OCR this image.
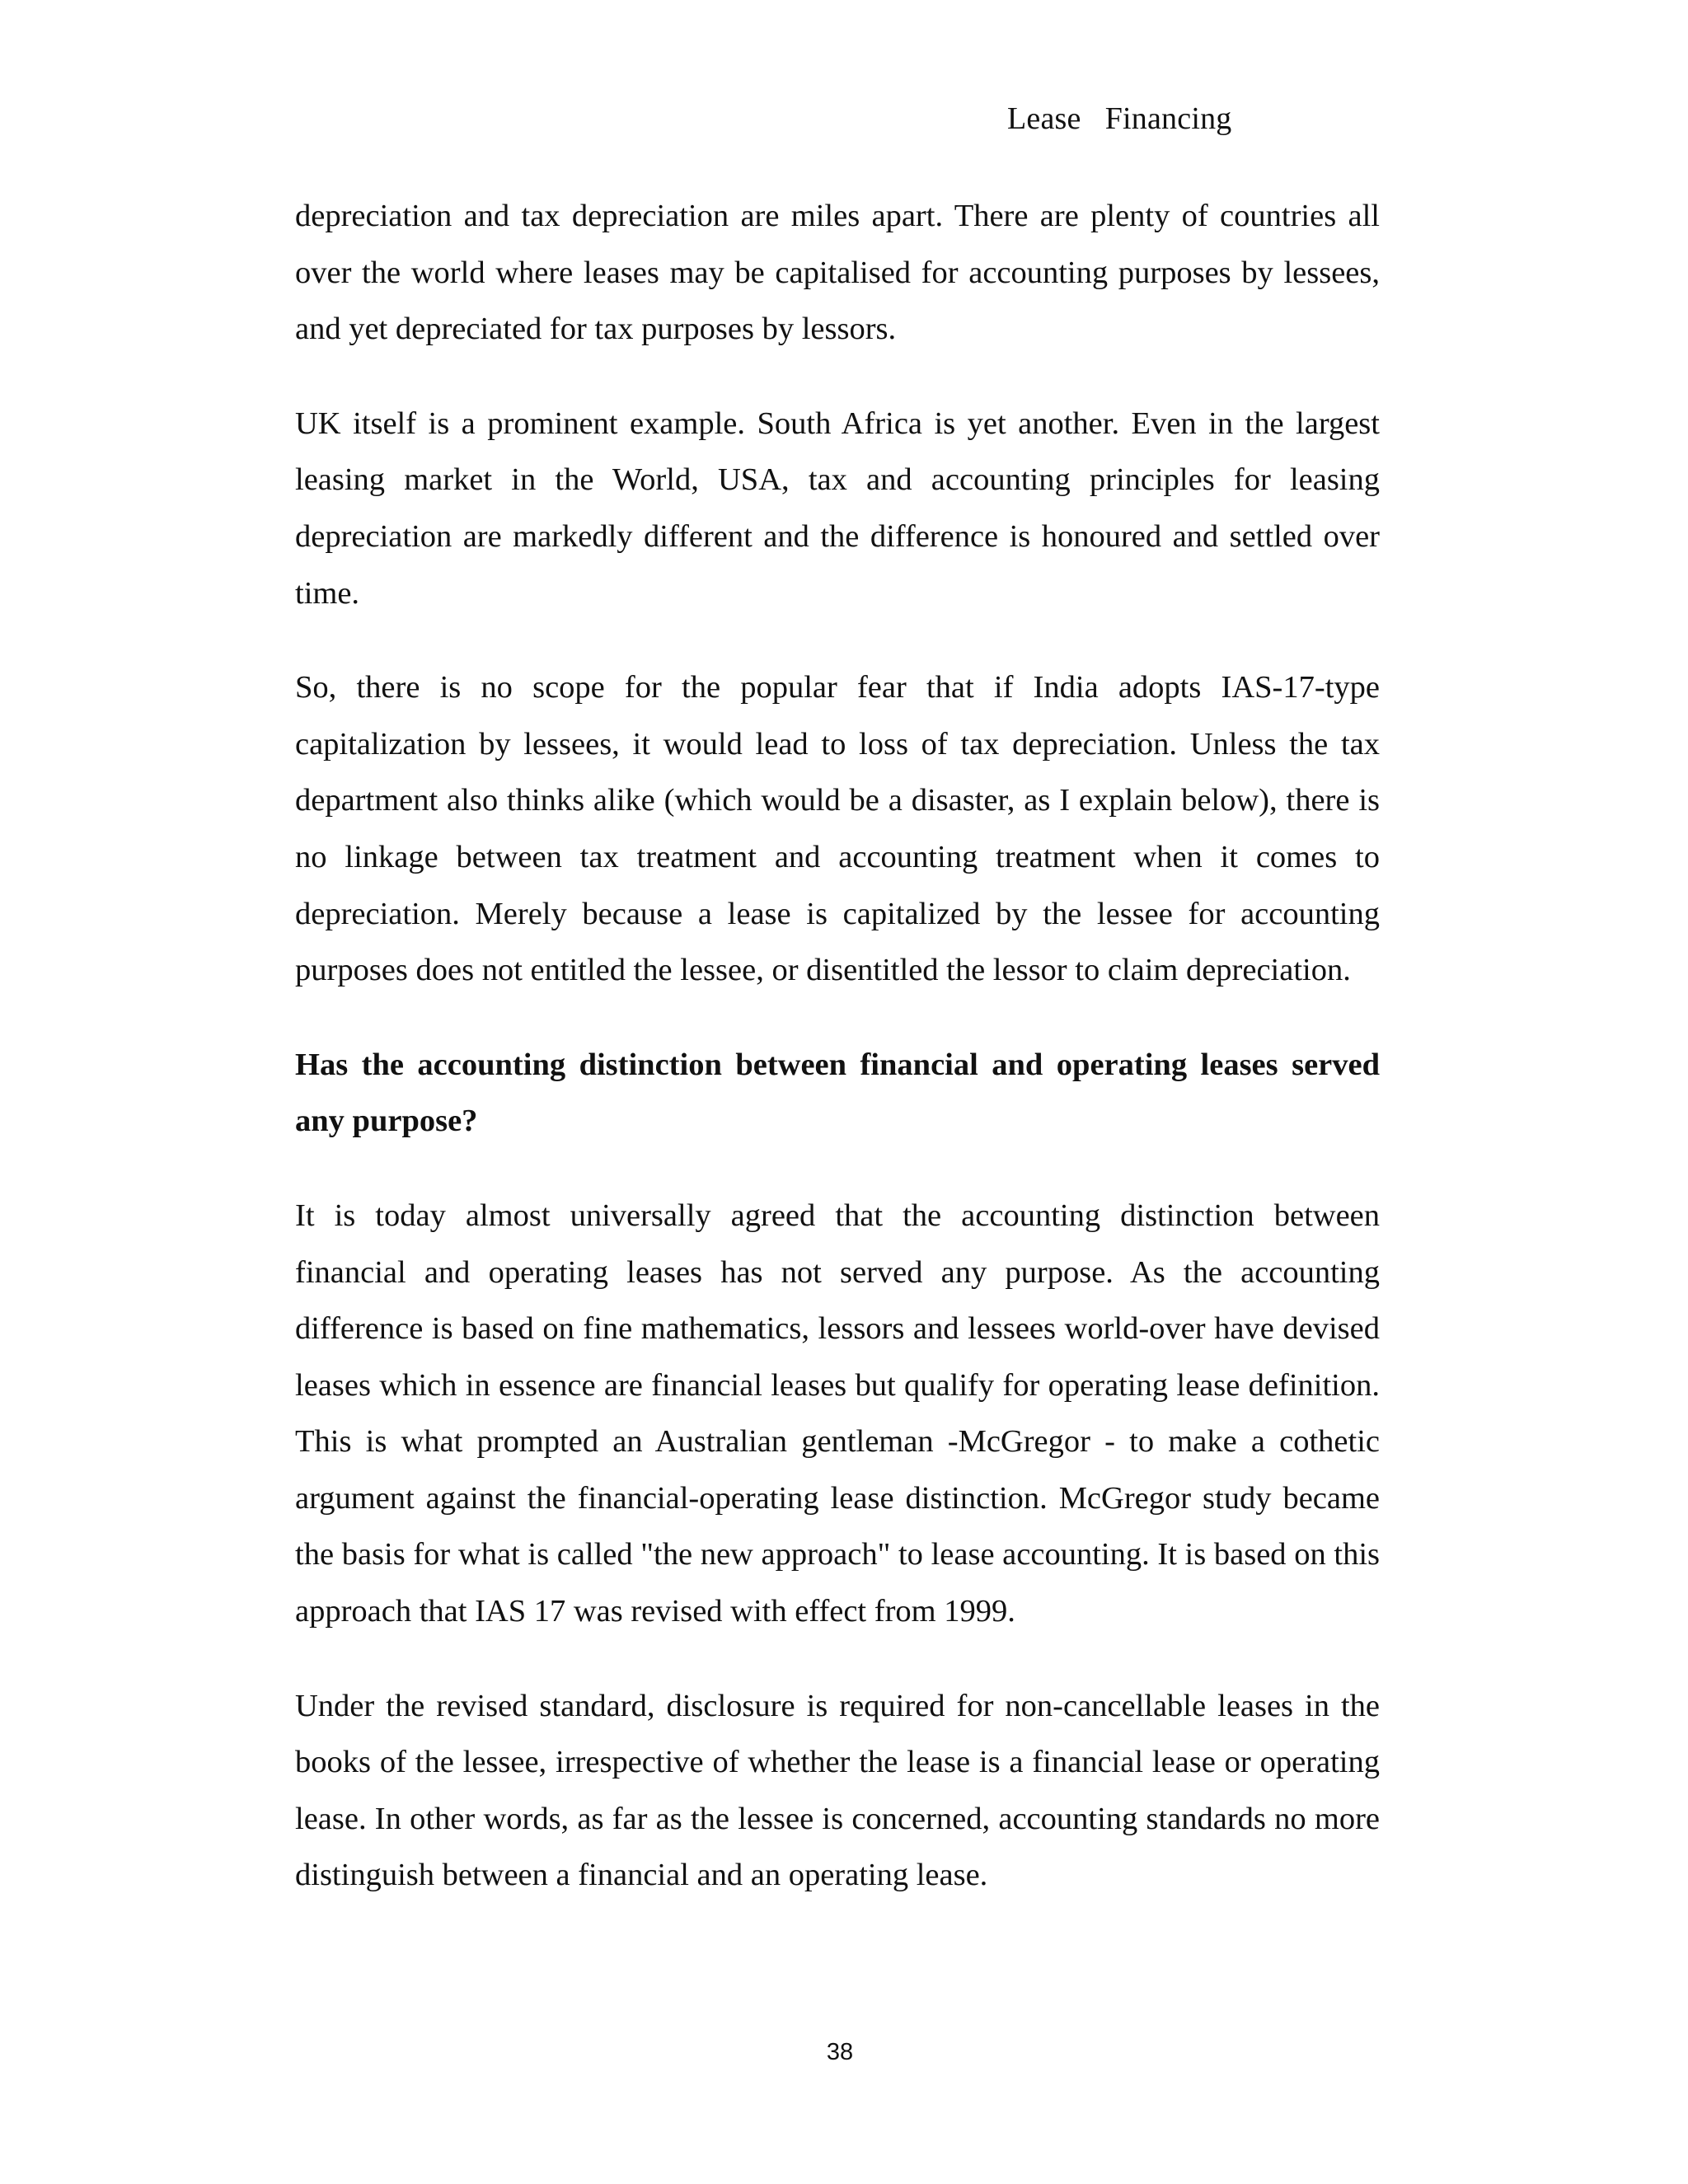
Lease   Financing

depreciation and tax depreciation are miles apart. There are plenty of countries all over the world where leases may be capitalised for accounting purposes by lessees, and yet depreciated for tax purposes by lessors.

UK itself is a prominent example. South Africa is yet another. Even in the largest leasing market in the World, USA, tax and accounting principles for leasing depreciation are markedly different and the difference is honoured and settled over time.

So, there is no scope for the popular fear that if India adopts IAS-17-type capitalization by lessees, it would lead to loss of tax depreciation. Unless the tax department also thinks alike (which would be a disaster, as I explain below), there is no linkage between tax treatment and accounting treatment when it comes to depreciation. Merely because a lease is capitalized by the lessee for accounting purposes does not entitled the lessee, or disentitled the lessor to claim depreciation.

Has the accounting distinction between financial and operating leases served any purpose?

It is today almost universally agreed that the accounting distinction between financial and operating leases has not served any purpose. As the accounting difference is based on fine mathematics, lessors and lessees world-over have devised leases which in essence are financial leases but qualify for operating lease definition. This is what prompted an Australian gentleman -McGregor - to make a cothetic argument against the financial-operating lease distinction. McGregor study became the basis for what is called "the new approach" to lease accounting. It is based on this approach that IAS 17 was revised with effect from 1999.

Under the revised standard, disclosure is required for non-cancellable leases in the books of the lessee, irrespective of whether the lease is a financial lease or operating lease. In other words, as far as the lessee is concerned, accounting standards no more distinguish between a financial and an operating lease.

38
